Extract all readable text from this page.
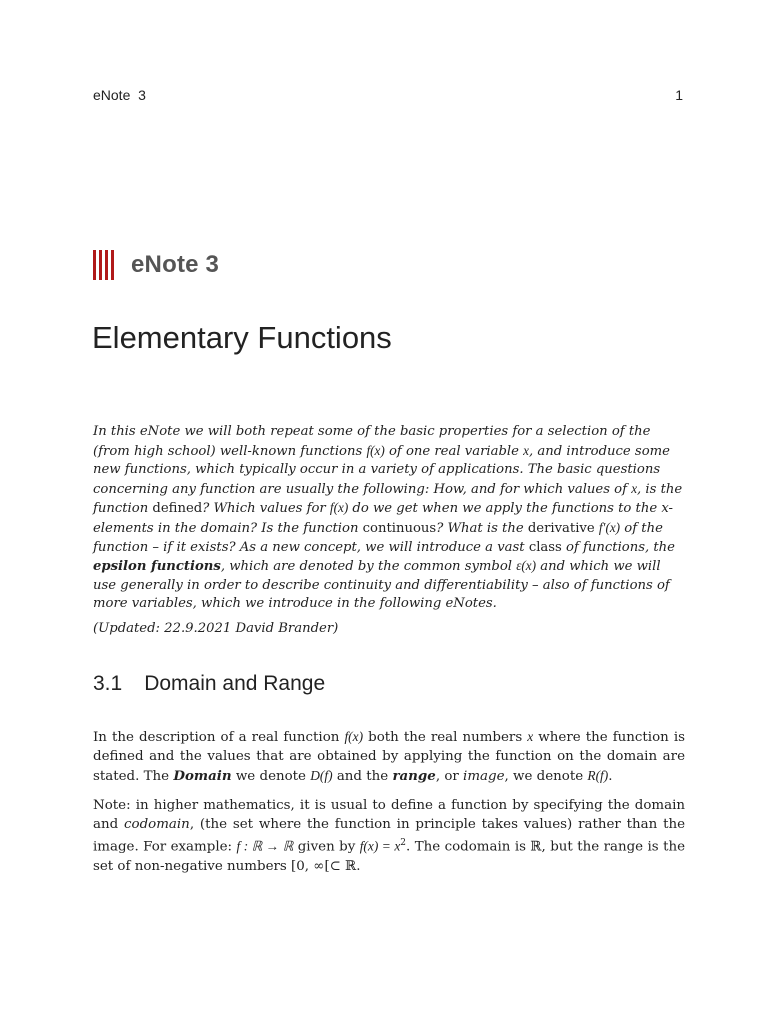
eNote  3	1
eNote 3
Elementary Functions

In this eNote we will both repeat some of the basic properties for a selection of the (from high school) well-known functions f(x) of one real variable x, and introduce some new functions, which typically occur in a variety of applications. The basic questions concerning any function are usually the following: How, and for which values of x, is the function defined? Which values for f(x) do we get when we apply the functions to the x-elements in the domain? Is the function continuous? What is the derivative f′(x) of the function – if it exists? As a new concept, we will introduce a vast class of functions, the epsilon functions, which are denoted by the common symbol ε(x) and which we will use generally in order to describe continuity and differentiability – also of functions of more variables, which we introduce in the following eNotes.

(Updated: 22.9.2021 David Brander)

3.1 Domain and Range

In the description of a real function f(x) both the real numbers x where the function is defined and the values that are obtained by applying the function on the domain are stated. The Domain we denote D(f) and the range, or image, we denote R(f).

Note: in higher mathematics, it is usual to define a function by specifying the domain and codomain, (the set where the function in principle takes values) rather than the image. For example: f : ℝ → ℝ given by $f(x) = x^2$. The codomain is ℝ, but the range is the set of non-negative numbers [0, ∞[⊂ ℝ.
